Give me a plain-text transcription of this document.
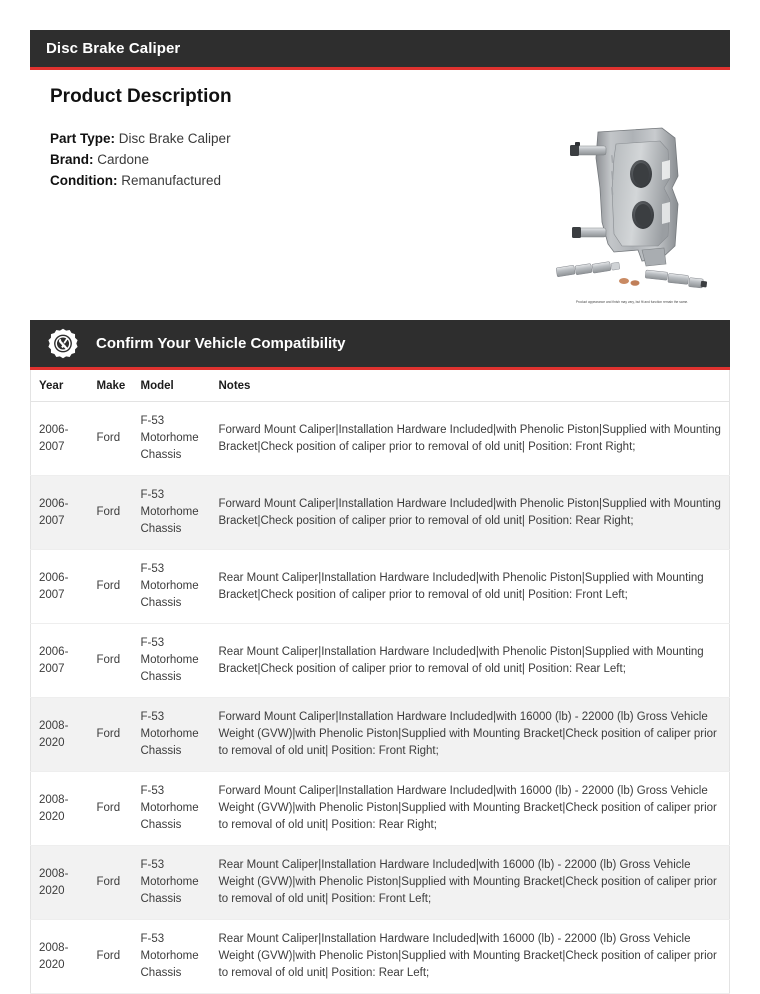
Disc Brake Caliper
Product Description
Part Type: Disc Brake Caliper
Brand: Cardone
Condition: Remanufactured
Product appearance and finish may vary, but fit and function remain the same.
Confirm Your Vehicle Compatibility
Year	Make	Model	Notes
2006-2007	Ford	F-53 Motorhome Chassis	Forward Mount Caliper|Installation Hardware Included|with Phenolic Piston|Supplied with Mounting Bracket|Check position of caliper prior to removal of old unit| Position: Front Right;
2006-2007	Ford	F-53 Motorhome Chassis	Forward Mount Caliper|Installation Hardware Included|with Phenolic Piston|Supplied with Mounting Bracket|Check position of caliper prior to removal of old unit| Position: Rear Right;
2006-2007	Ford	F-53 Motorhome Chassis	Rear Mount Caliper|Installation Hardware Included|with Phenolic Piston|Supplied with Mounting Bracket|Check position of caliper prior to removal of old unit| Position: Front Left;
2006-2007	Ford	F-53 Motorhome Chassis	Rear Mount Caliper|Installation Hardware Included|with Phenolic Piston|Supplied with Mounting Bracket|Check position of caliper prior to removal of old unit| Position: Rear Left;
2008-2020	Ford	F-53 Motorhome Chassis	Forward Mount Caliper|Installation Hardware Included|with 16000 (lb) - 22000 (lb) Gross Vehicle Weight (GVW)|with Phenolic Piston|Supplied with Mounting Bracket|Check position of caliper prior to removal of old unit| Position: Front Right;
2008-2020	Ford	F-53 Motorhome Chassis	Forward Mount Caliper|Installation Hardware Included|with 16000 (lb) - 22000 (lb) Gross Vehicle Weight (GVW)|with Phenolic Piston|Supplied with Mounting Bracket|Check position of caliper prior to removal of old unit| Position: Rear Right;
2008-2020	Ford	F-53 Motorhome Chassis	Rear Mount Caliper|Installation Hardware Included|with 16000 (lb) - 22000 (lb) Gross Vehicle Weight (GVW)|with Phenolic Piston|Supplied with Mounting Bracket|Check position of caliper prior to removal of old unit| Position: Front Left;
2008-2020	Ford	F-53 Motorhome Chassis	Rear Mount Caliper|Installation Hardware Included|with 16000 (lb) - 22000 (lb) Gross Vehicle Weight (GVW)|with Phenolic Piston|Supplied with Mounting Bracket|Check position of caliper prior to removal of old unit| Position: Rear Left;
